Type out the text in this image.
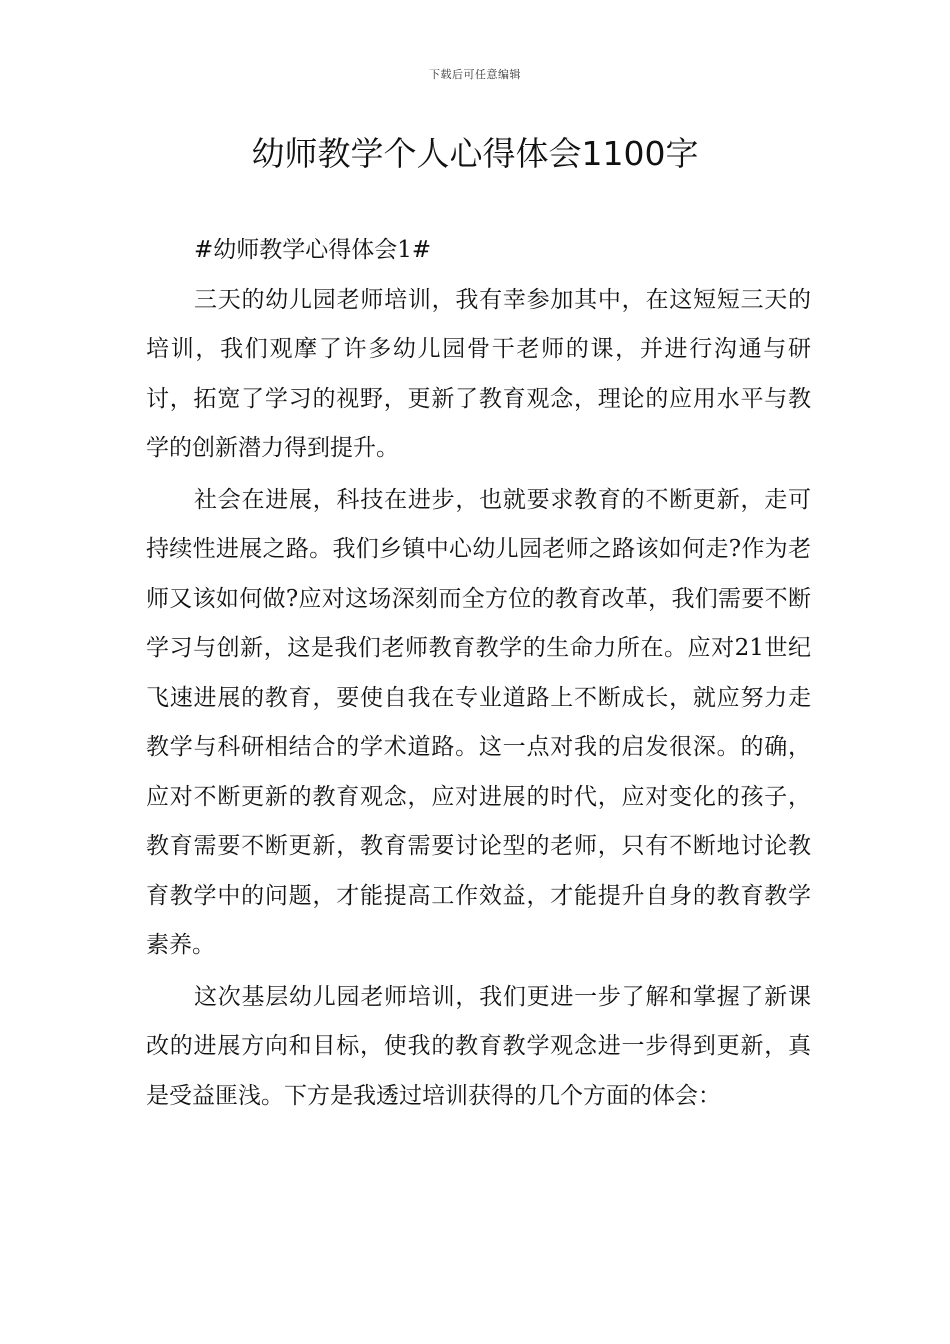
下载后可任意编辑
幼师教学个人心得体会1100字

#幼师教学心得体会1#

三天的幼儿园老师培训，我有幸参加其中，在这短短三天的培训，我们观摩了许多幼儿园骨干老师的课，并进行沟通与研讨，拓宽了学习的视野，更新了教育观念，理论的应用水平与教学的创新潜力得到提升。

社会在进展，科技在进步，也就要求教育的不断更新，走可持续性进展之路。我们乡镇中心幼儿园老师之路该如何走?作为老师又该如何做?应对这场深刻而全方位的教育改革，我们需要不断学习与创新，这是我们老师教育教学的生命力所在。应对21世纪飞速进展的教育，要使自我在专业道路上不断成长，就应努力走教学与科研相结合的学术道路。这一点对我的启发很深。的确，应对不断更新的教育观念，应对进展的时代，应对变化的孩子，教育需要不断更新，教育需要讨论型的老师，只有不断地讨论教育教学中的问题，才能提高工作效益，才能提升自身的教育教学素养。

这次基层幼儿园老师培训，我们更进一步了解和掌握了新课改的进展方向和目标，使我的教育教学观念进一步得到更新，真是受益匪浅。下方是我透过培训获得的几个方面的体会：
